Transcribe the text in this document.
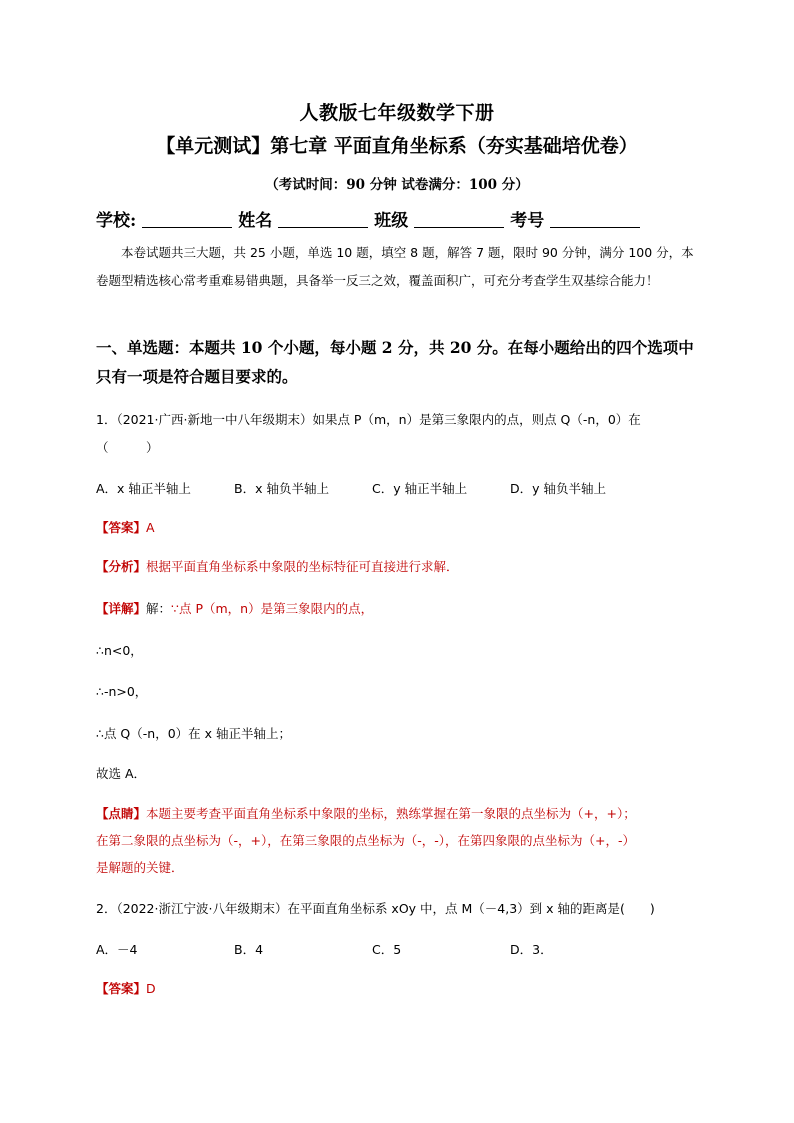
人教版七年级数学下册
【单元测试】第七章 平面直角坐标系（夯实基础培优卷）
（考试时间：90 分钟 试卷满分：100 分）
学校:	姓名	班级	考号
本卷试题共三大题，共 25 小题，单选 10 题，填空 8 题，解答 7 题，限时 90 分钟，满分 100 分，本卷题型精选核心常考重难易错典题，具备举一反三之效，覆盖面积广，可充分考查学生双基综合能力！
一、单选题：本题共 10 个小题，每小题 2 分，共 20 分。在每小题给出的四个选项中只有一项是符合题目要求的。
1．（2021·广西·新地一中八年级期末）如果点 P（m，n）是第三象限内的点，则点 Q（-n，0）在
（　　　）
A．x 轴正半轴上	B．x 轴负半轴上	C．y 轴正半轴上	D．y 轴负半轴上
【答案】A
【分析】根据平面直角坐标系中象限的坐标特征可直接进行求解．
【详解】解：∵点 P（m，n）是第三象限内的点，
∴n<0，
∴-n>0，
∴点 Q（-n，0）在 x 轴正半轴上；
故选 A．
【点睛】本题主要考查平面直角坐标系中象限的坐标，熟练掌握在第一象限的点坐标为（+，+）；
在第二象限的点坐标为（-，+），在第三象限的点坐标为（-，-），在第四象限的点坐标为（+，-）
是解题的关键．
2．（2022·浙江宁波·八年级期末）在平面直角坐标系 xOy 中，点 M（－4,3）到 x 轴的距离是(　　)
A．－4	B．4	C．5	D．3．
【答案】D
